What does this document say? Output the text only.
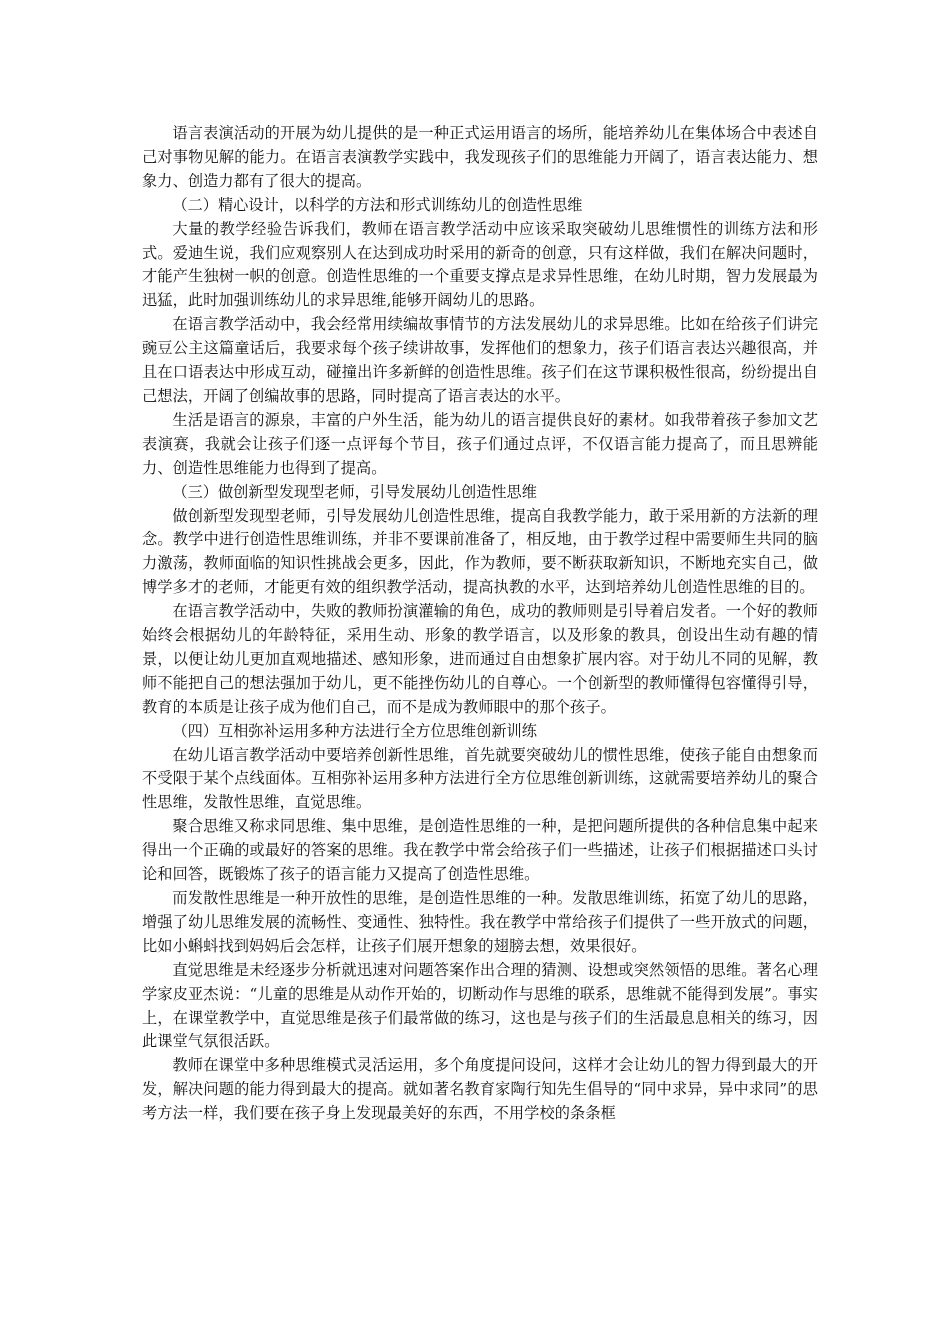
语言表演活动的开展为幼儿提供的是一种正式运用语言的场所，能培养幼儿在集体场合中表述自己对事物见解的能力。在语言表演教学实践中，我发现孩子们的思维能力开阔了，语言表达能力、想象力、创造力都有了很大的提高。

（二）精心设计，以科学的方法和形式训练幼儿的创造性思维

大量的教学经验告诉我们，教师在语言教学活动中应该采取突破幼儿思维惯性的训练方法和形式。爱迪生说，我们应观察别人在达到成功时采用的新奇的创意，只有这样做，我们在解决问题时，才能产生独树一帜的创意。创造性思维的一个重要支撑点是求异性思维，在幼儿时期，智力发展最为迅猛，此时加强训练幼儿的求异思维,能够开阔幼儿的思路。

在语言教学活动中，我会经常用续编故事情节的方法发展幼儿的求异思维。比如在给孩子们讲完豌豆公主这篇童话后，我要求每个孩子续讲故事，发挥他们的想象力，孩子们语言表达兴趣很高，并且在口语表达中形成互动，碰撞出许多新鲜的创造性思维。孩子们在这节课积极性很高，纷纷提出自己想法，开阔了创编故事的思路，同时提高了语言表达的水平。

生活是语言的源泉，丰富的户外生活，能为幼儿的语言提供良好的素材。如我带着孩子参加文艺表演赛，我就会让孩子们逐一点评每个节目，孩子们通过点评，不仅语言能力提高了，而且思辨能力、创造性思维能力也得到了提高。

（三）做创新型发现型老师，引导发展幼儿创造性思维

做创新型发现型老师，引导发展幼儿创造性思维，提高自我教学能力，敢于采用新的方法新的理念。教学中进行创造性思维训练，并非不要课前准备了，相反地，由于教学过程中需要师生共同的脑力激荡，教师面临的知识性挑战会更多，因此，作为教师，要不断获取新知识，不断地充实自己，做博学多才的老师，才能更有效的组织教学活动，提高执教的水平，达到培养幼儿创造性思维的目的。

在语言教学活动中，失败的教师扮演灌输的角色，成功的教师则是引导着启发者。一个好的教师始终会根据幼儿的年龄特征，采用生动、形象的教学语言，以及形象的教具，创设出生动有趣的情景，以便让幼儿更加直观地描述、感知形象，进而通过自由想象扩展内容。对于幼儿不同的见解，教师不能把自己的想法强加于幼儿，更不能挫伤幼儿的自尊心。一个创新型的教师懂得包容懂得引导，教育的本质是让孩子成为他们自己，而不是成为教师眼中的那个孩子。

（四）互相弥补运用多种方法进行全方位思维创新训练

在幼儿语言教学活动中要培养创新性思维，首先就要突破幼儿的惯性思维，使孩子能自由想象而不受限于某个点线面体。互相弥补运用多种方法进行全方位思维创新训练，这就需要培养幼儿的聚合性思维，发散性思维，直觉思维。

聚合思维又称求同思维、集中思维，是创造性思维的一种，是把问题所提供的各种信息集中起来得出一个正确的或最好的答案的思维。我在教学中常会给孩子们一些描述，让孩子们根据描述口头讨论和回答，既锻炼了孩子的语言能力又提高了创造性思维。

而发散性思维是一种开放性的思维，是创造性思维的一种。发散思维训练，拓宽了幼儿的思路，增强了幼儿思维发展的流畅性、变通性、独特性。我在教学中常给孩子们提供了一些开放式的问题，比如小蝌蚪找到妈妈后会怎样，让孩子们展开想象的翅膀去想，效果很好。

直觉思维是未经逐步分析就迅速对问题答案作出合理的猜测、设想或突然领悟的思维。著名心理学家皮亚杰说：“儿童的思维是从动作开始的，切断动作与思维的联系，思维就不能得到发展”。事实上，在课堂教学中，直觉思维是孩子们最常做的练习，这也是与孩子们的生活最息息相关的练习，因此课堂气氛很活跃。

教师在课堂中多种思维模式灵活运用，多个角度提问设问，这样才会让幼儿的智力得到最大的开发，解决问题的能力得到最大的提高。就如著名教育家陶行知先生倡导的“同中求异，异中求同”的思考方法一样，我们要在孩子身上发现最美好的东西，不用学校的条条框
